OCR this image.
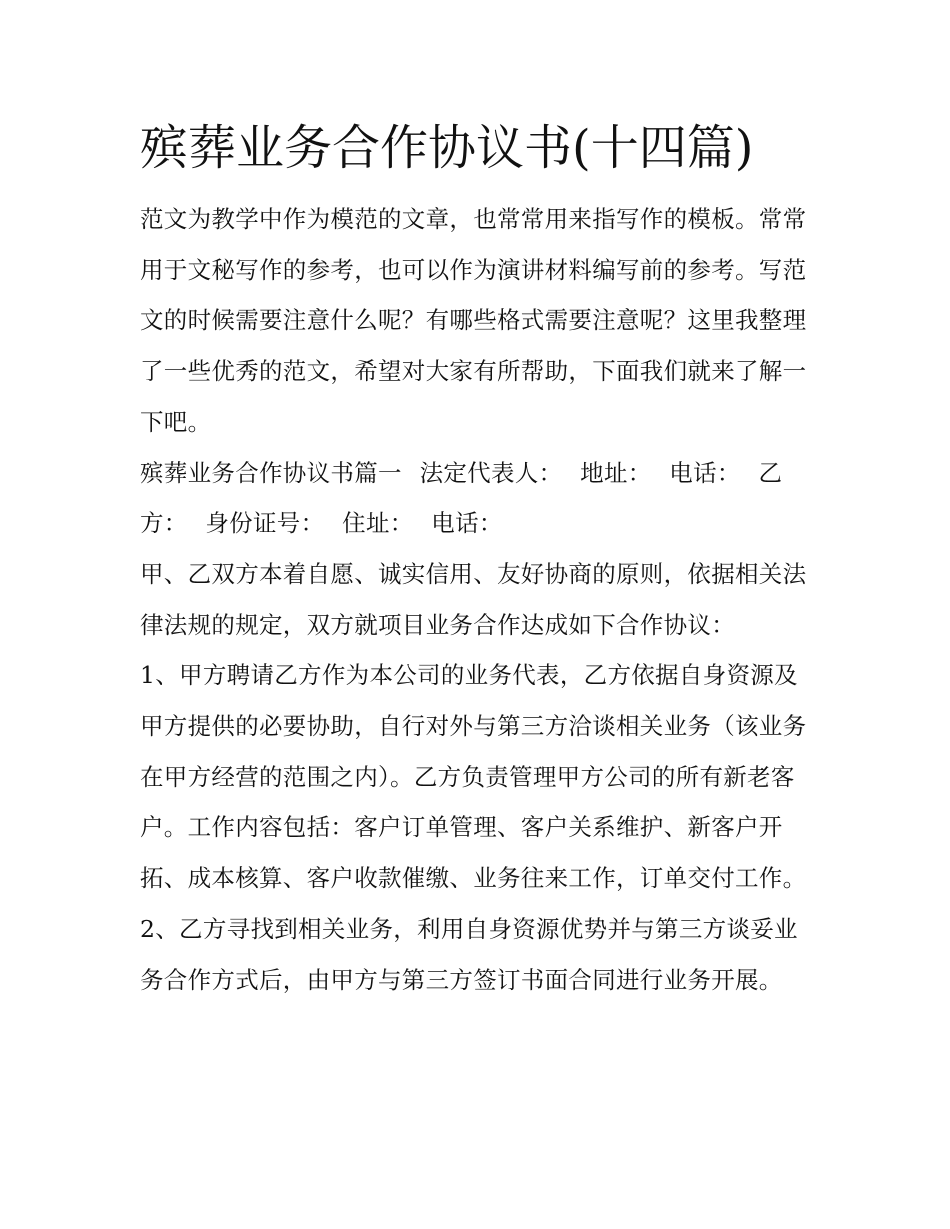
殡葬业务合作协议书(十四篇)

范文为教学中作为模范的文章，也常常用来指写作的模板。常常用于文秘写作的参考，也可以作为演讲材料编写前的参考。写范文的时候需要注意什么呢？有哪些格式需要注意呢？这里我整理了一些优秀的范文，希望对大家有所帮助，下面我们就来了解一下吧。

殡葬业务合作协议书篇一 法定代表人： 地址： 电话： 乙方： 身份证号： 住址： 电话：

甲、乙双方本着自愿、诚实信用、友好协商的原则，依据相关法律法规的规定，双方就项目业务合作达成如下合作协议：

1、甲方聘请乙方作为本公司的业务代表，乙方依据自身资源及甲方提供的必要协助，自行对外与第三方洽谈相关业务（该业务在甲方经营的范围之内）。乙方负责管理甲方公司的所有新老客户。工作内容包括：客户订单管理、客户关系维护、新客户开拓、成本核算、客户收款催缴、业务往来工作，订单交付工作。

2、乙方寻找到相关业务，利用自身资源优势并与第三方谈妥业务合作方式后，由甲方与第三方签订书面合同进行业务开展。
